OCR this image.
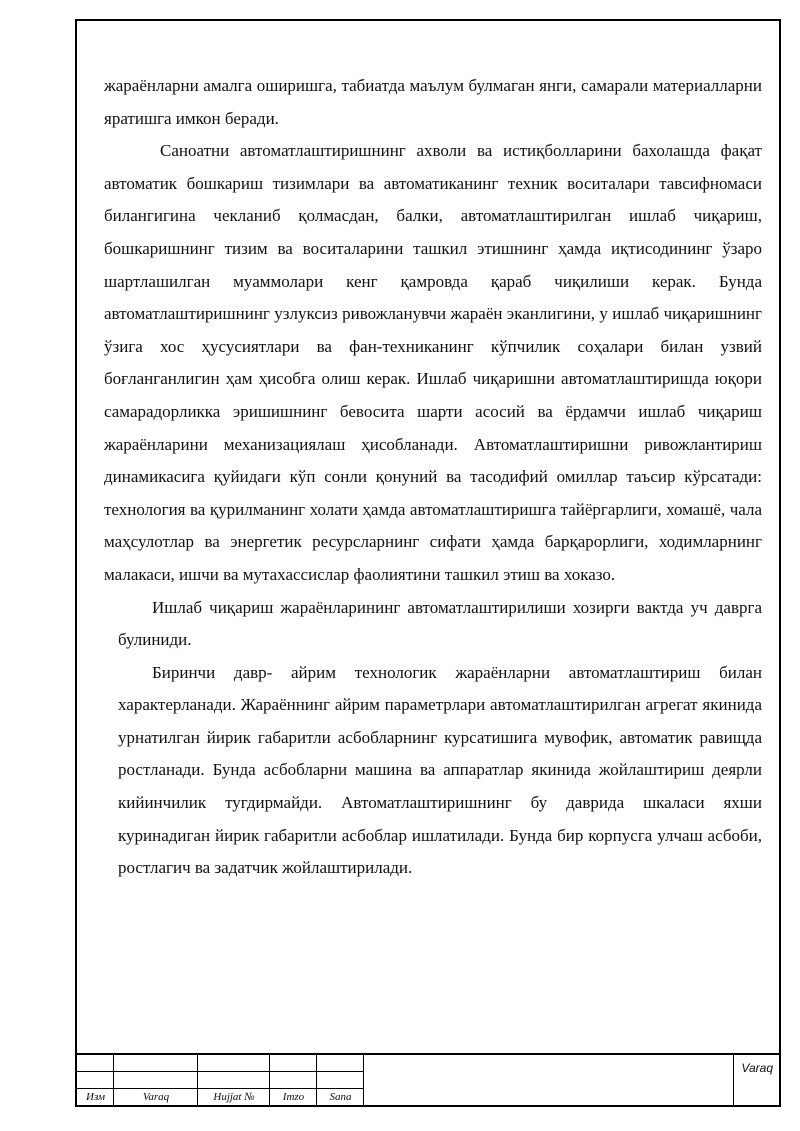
жараёнларни амалга оширишга, табиатда маълум булмаган янги, самарали материалларни яратишга имкон беради.

Саноатни автоматлаштиришнинг ахволи ва истиқболларини бахолашда фақат автоматик бошкариш тизимлари ва автоматиканинг техник воситалари тавсифномаси билангигина чекланиб қолмасдан, балки, автоматлаштирилган ишлаб чиқариш, бошкаришнинг тизим ва воситаларини ташкил этишнинг ҳамда иқтисодининг ўзаро шартлашилган муаммолари кенг қамровда қараб чиқилиши керак. Бунда автоматлаштиришнинг узлуксиз ривожланувчи жараён эканлигини, у ишлаб чиқаришнинг ўзига хос ҳусусиятлари ва фан-техниканинг кўпчилик соҳалари билан узвий боғланганлигин ҳам ҳисобга олиш керак. Ишлаб чиқаришни автоматлаштиришда юқори самарадорликка эришишнинг бевосита шарти асосий ва ёрдамчи ишлаб чиқариш жараёнларини механизациялаш ҳисобланади. Автоматлаштиришни ривожлантириш динамикасига қуйидаги кўп сонли қонуний ва тасодифий омиллар таъсир кўрсатади: технология ва қурилманинг холати ҳамда автоматлаштиришга тайёргарлиги, хомашё, чала маҳсулотлар ва энергетик ресурсларнинг сифати ҳамда барқарорлиги, ходимларнинг малакаси, ишчи ва мутахассислар фаолиятини ташкил этиш ва хоказо.

Ишлаб чиқариш жараёнларининг автоматлаштирилиши хозирги вактда уч даврга булиниди.

Биринчи давр- айрим технологик жараёнларни автоматлаштириш билан характерланади. Жараённинг айрим параметрлари автоматлаштирилган агрегат якинида урнатилган йирик габаритли асбобларнинг курсатишига мувофик, автоматик равищда ростланади. Бунда асбобларни машина ва аппаратлар якинида жойлаштириш деярли кийинчилик тугдирмайди. Автоматлаштиришнинг бу даврида шкаласи яхши куринадиган йирик габаритли асбоблар ишлатилади. Бунда бир корпусга улчаш асбоби, ростлагич ва задатчик жойлаштирилади.

Изм	Varaq	Hujjat №	Imzo	Sana
Varaq
